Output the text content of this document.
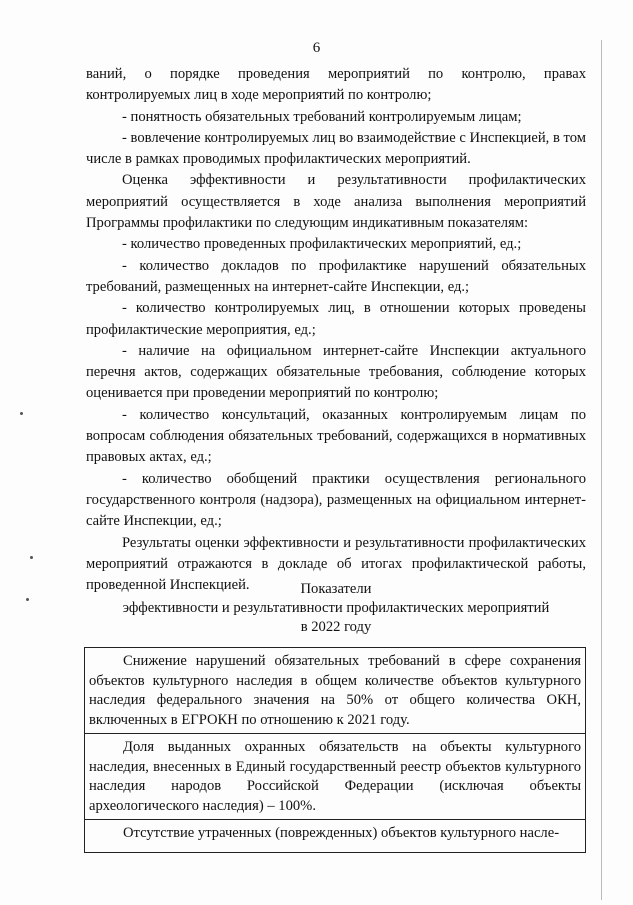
6

ваний, о порядке проведения мероприятий по контролю, правах контролируемых лиц в ходе мероприятий по контролю;

- понятность обязательных требований контролируемым лицам;

- вовлечение контролируемых лиц во взаимодействие с Инспекцией, в том числе в рамках проводимых профилактических мероприятий.

Оценка эффективности и результативности профилактических мероприятий осуществляется в ходе анализа выполнения мероприятий Программы профилактики по следующим индикативным показателям:

- количество проведенных профилактических мероприятий, ед.;

- количество докладов по профилактике нарушений обязательных требований, размещенных на интернет-сайте Инспекции, ед.;

- количество контролируемых лиц, в отношении которых проведены профилактические мероприятия, ед.;

- наличие на официальном интернет-сайте Инспекции актуального перечня актов, содержащих обязательные требования, соблюдение которых оценивается при проведении мероприятий по контролю;

- количество консультаций, оказанных контролируемым лицам по вопросам соблюдения обязательных требований, содержащихся в нормативных правовых актах, ед.;

- количество обобщений практики осуществления регионального государственного контроля (надзора), размещенных на официальном интернет-сайте Инспекции, ед.;

Результаты оценки эффективности и результативности профилактических мероприятий отражаются в докладе об итогах профилактической работы, проведенной Инспекцией.	Показатели
эффективности и результативности профилактических мероприятий
в 2022 году
Снижение нарушений обязательных требований в сфере сохранения объектов культурного наследия в общем количестве объектов культурного наследия федерального значения на 50% от общего количества ОКН, включенных в ЕГРОКН по отношению к 2021 году.
Доля выданных охранных обязательств на объекты культурного наследия, внесенных в Единый государственный реестр объектов культурного наследия народов Российской Федерации (исключая объекты археологического наследия) – 100%.
Отсутствие утраченных (поврежденных) объектов культурного насле-
